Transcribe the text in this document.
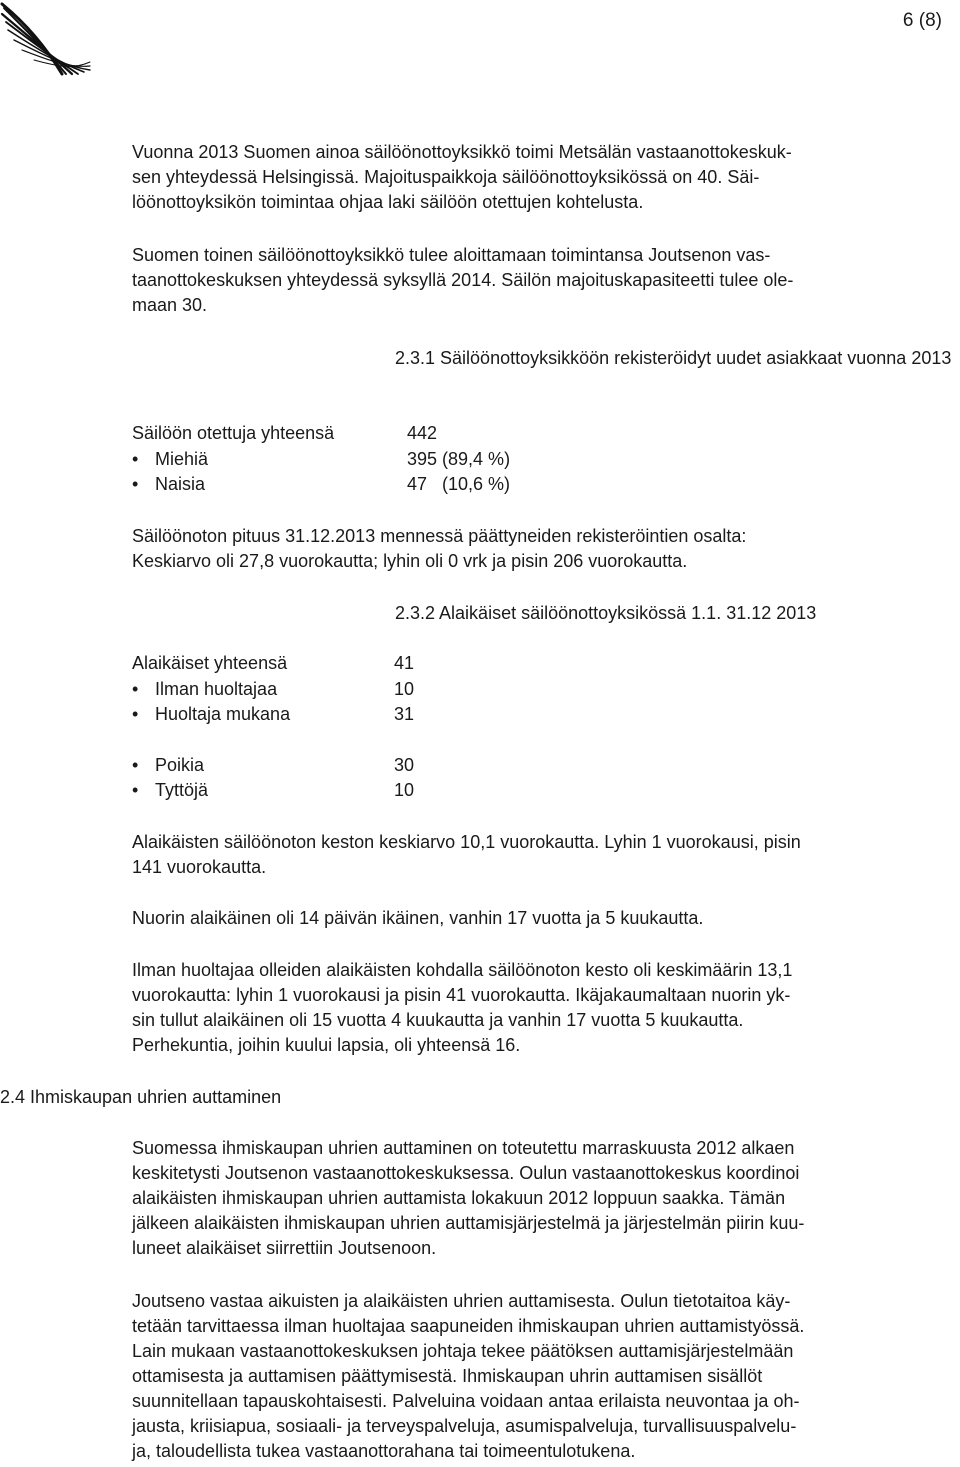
6 (8)

Vuonna 2013 Suomen ainoa säilöönottoyksikkö toimi Metsälän vastaanottokeskuk-
sen yhteydessä Helsingissä. Majoituspaikkoja säilöönottoyksikössä on 40. Säi-
löönottoyksikön toimintaa ohjaa laki säilöön otettujen kohtelusta.

Suomen toinen säilöönottoyksikkö tulee aloittamaan toimintansa Joutsenon vas-
taanottokeskuksen yhteydessä syksyllä 2014. Säilön majoituskapasiteetti tulee ole-
maan 30.

2.3.1 Säilöönottoyksikköön rekisteröidyt uudet asiakkaat vuonna 2013
Säilöön otettuja yhteensä	442
• Miehiä	395 (89,4 %)
• Naisia	47   (10,6 %)

Säilöönoton pituus 31.12.2013 mennessä päättyneiden rekisteröintien osalta:
Keskiarvo oli 27,8 vuorokautta; lyhin oli 0 vrk ja pisin 206 vuorokautta.

2.3.2 Alaikäiset säilöönottoyksikössä 1.1. 31.12 2013
Alaikäiset yhteensä	41
• Ilman huoltajaa	10
• Huoltaja mukana	31
• Poikia	30
• Tyttöjä	10

Alaikäisten säilöönoton keston keskiarvo 10,1 vuorokautta. Lyhin 1 vuorokausi, pisin
141 vuorokautta.

Nuorin alaikäinen oli 14 päivän ikäinen, vanhin 17 vuotta ja 5 kuukautta.

Ilman huoltajaa olleiden alaikäisten kohdalla säilöönoton kesto oli keskimäärin 13,1
vuorokautta: lyhin 1 vuorokausi ja pisin 41 vuorokautta. Ikäjakaumaltaan nuorin yk-
sin tullut alaikäinen oli 15 vuotta 4 kuukautta ja vanhin 17 vuotta 5 kuukautta.
Perhekuntia, joihin kuului lapsia, oli yhteensä 16.

2.4 Ihmiskaupan uhrien auttaminen

Suomessa ihmiskaupan uhrien auttaminen on toteutettu marraskuusta 2012 alkaen
keskitetysti Joutsenon vastaanottokeskuksessa. Oulun vastaanottokeskus koordinoi
alaikäisten ihmiskaupan uhrien auttamista lokakuun 2012 loppuun saakka. Tämän
jälkeen alaikäisten ihmiskaupan uhrien auttamisjärjestelmä ja järjestelmän piirin kuu-
luneet alaikäiset siirrettiin Joutsenoon.

Joutseno vastaa aikuisten ja alaikäisten uhrien auttamisesta. Oulun tietotaitoa käy-
tetään tarvittaessa ilman huoltajaa saapuneiden ihmiskaupan uhrien auttamistyössä.
Lain mukaan vastaanottokeskuksen johtaja tekee päätöksen auttamisjärjestelmään
ottamisesta ja auttamisen päättymisestä. Ihmiskaupan uhrin auttamisen sisällöt
suunnitellaan tapauskohtaisesti. Palveluina voidaan antaa erilaista neuvontaa ja oh-
jausta, kriisiapua, sosiaali- ja terveyspalveluja, asumispalveluja, turvallisuuspalvelu-
ja, taloudellista tukea vastaanottorahana tai toimeentulotukena.
